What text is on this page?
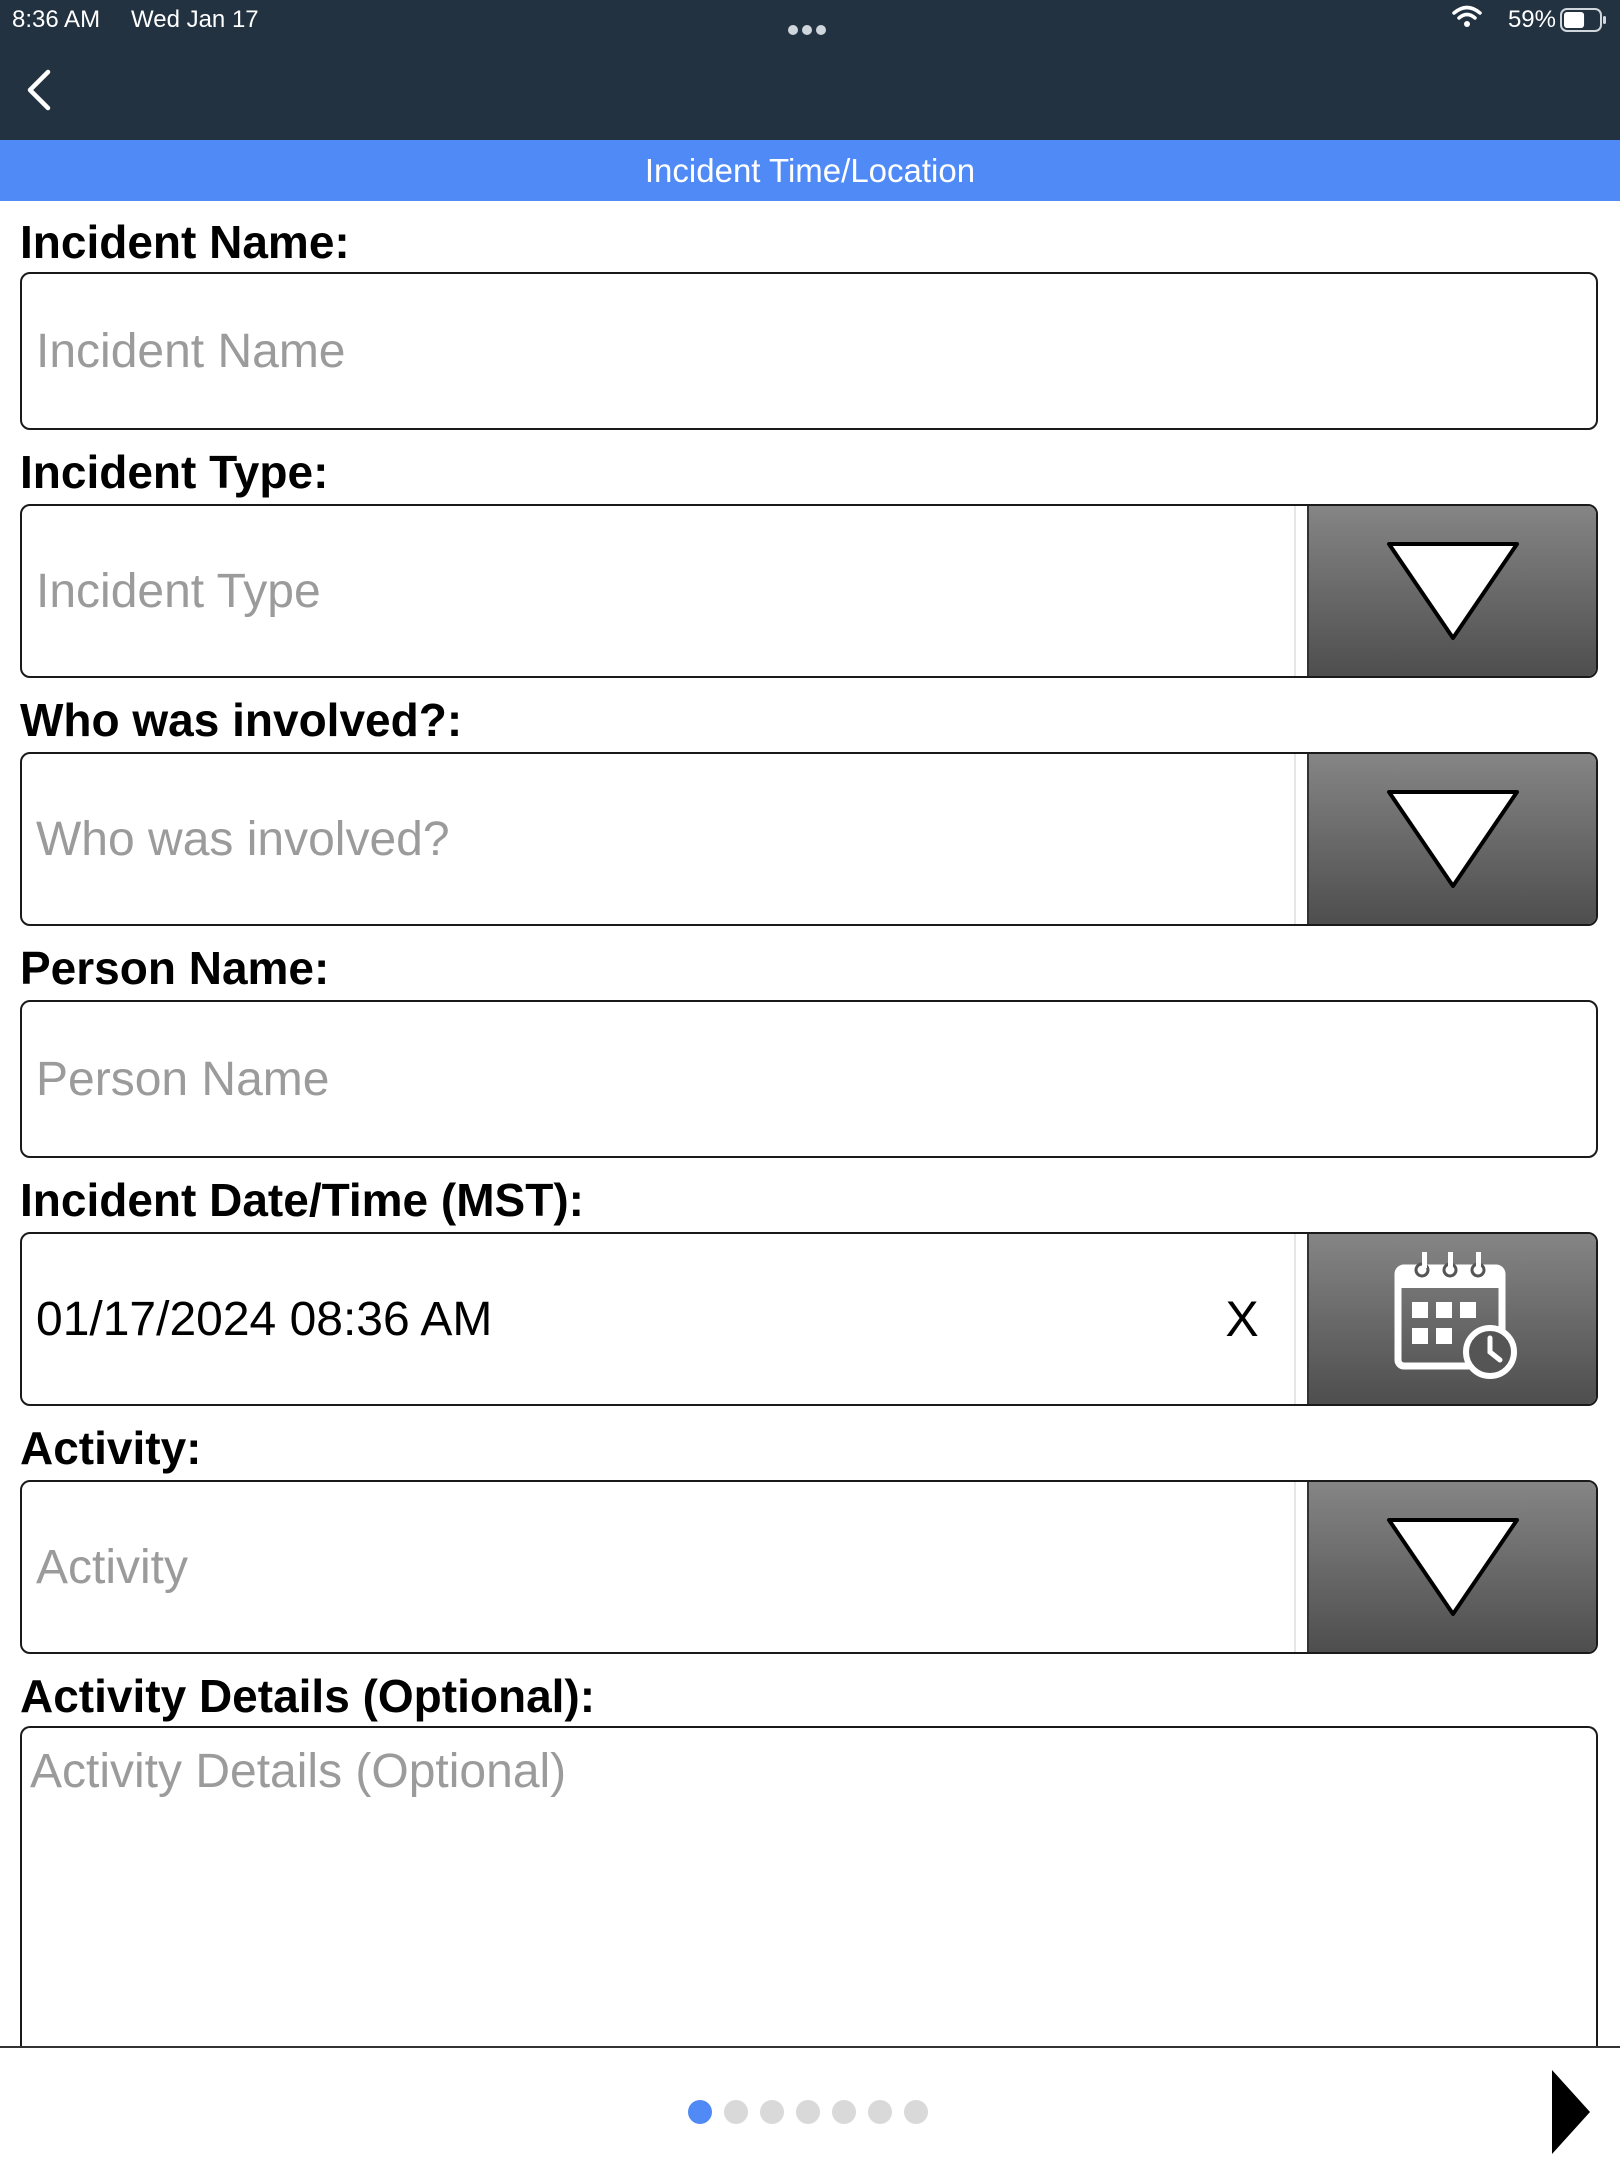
8:36 AM Wed Jan 17	59%
Incident Time/Location
Incident Name:
Incident Name
Incident Type:
Incident Type
Who was involved?:
Who was involved?
Person Name:
Person Name
Incident Date/Time (MST):
01/17/2024 08:36 AM	X
Activity:
Activity
Activity Details (Optional):
Activity Details (Optional)
